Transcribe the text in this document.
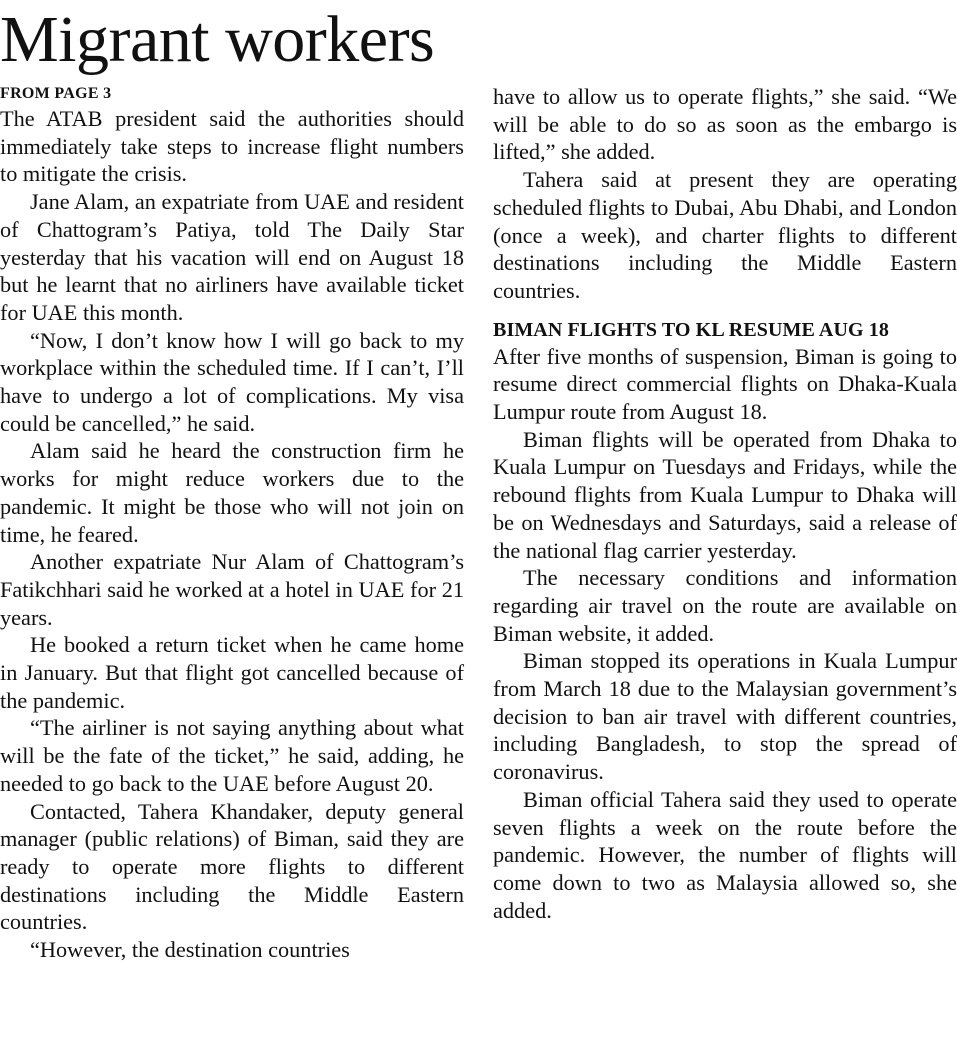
Migrant workers
FROM PAGE 3

The ATAB president said the authorities should immediately take steps to increase flight numbers to mitigate the crisis.

Jane Alam, an expatriate from UAE and resident of Chattogram’s Patiya, told The Daily Star yesterday that his vacation will end on August 18 but he learnt that no airliners have available ticket for UAE this month.

“Now, I don’t know how I will go back to my workplace within the scheduled time. If I can’t, I’ll have to undergo a lot of complications. My visa could be cancelled,” he said.

Alam said he heard the construction firm he works for might reduce workers due to the pandemic. It might be those who will not join on time, he feared.

Another expatriate Nur Alam of Chattogram’s Fatikchhari said he worked at a hotel in UAE for 21 years.

He booked a return ticket when he came home in January. But that flight got cancelled because of the pandemic.

“The airliner is not saying anything about what will be the fate of the ticket,” he said, adding, he needed to go back to the UAE before August 20.

Contacted, Tahera Khandaker, deputy general manager (public relations) of Biman, said they are ready to operate more flights to different destinations including the Middle Eastern countries.

“However, the destination countries

have to allow us to operate flights,” she said. “We will be able to do so as soon as the embargo is lifted,” she added.

Tahera said at present they are operating scheduled flights to Dubai, Abu Dhabi, and London (once a week), and charter flights to different destinations including the Middle Eastern countries.

BIMAN FLIGHTS TO KL RESUME AUG 18

After five months of suspension, Biman is going to resume direct commercial flights on Dhaka-Kuala Lumpur route from August 18.

Biman flights will be operated from Dhaka to Kuala Lumpur on Tuesdays and Fridays, while the rebound flights from Kuala Lumpur to Dhaka will be on Wednesdays and Saturdays, said a release of the national flag carrier yesterday.

The necessary conditions and information regarding air travel on the route are available on Biman website, it added.

Biman stopped its operations in Kuala Lumpur from March 18 due to the Malaysian government’s decision to ban air travel with different countries, including Bangladesh, to stop the spread of coronavirus.

Biman official Tahera said they used to operate seven flights a week on the route before the pandemic. However, the number of flights will come down to two as Malaysia allowed so, she added.
